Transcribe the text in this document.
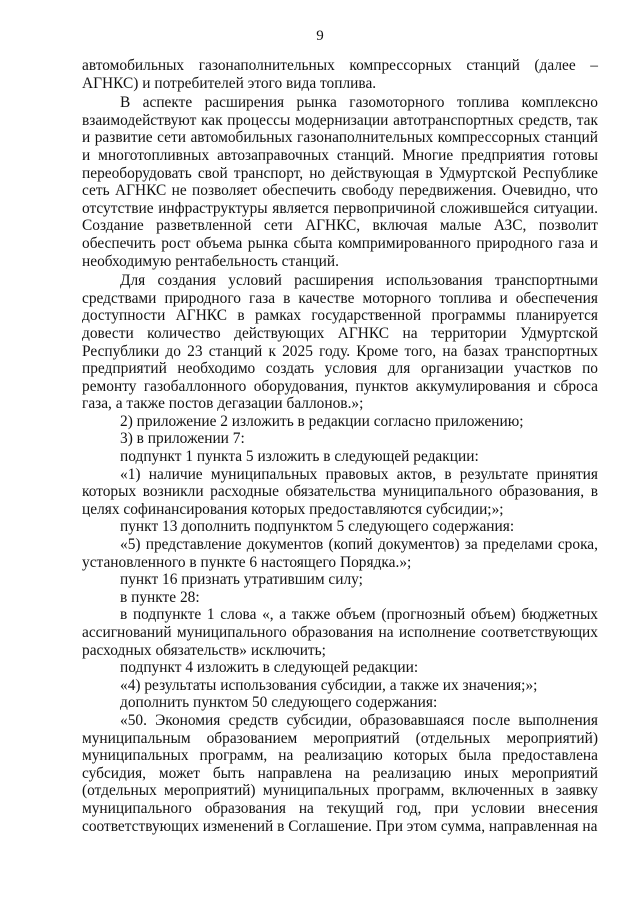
9

автомобильных газонаполнительных компрессорных станций (далее – АГНКС) и потребителей этого вида топлива.

В аспекте расширения рынка газомоторного топлива комплексно взаимодействуют как процессы модернизации автотранспортных средств, так и развитие сети автомобильных газонаполнительных компрессорных станций и многотопливных автозаправочных станций. Многие предприятия готовы переоборудовать свой транспорт, но действующая в Удмуртской Республике сеть АГНКС не позволяет обеспечить свободу передвижения. Очевидно, что отсутствие инфраструктуры является первопричиной сложившейся ситуации. Создание разветвленной сети АГНКС, включая малые АЗС, позволит обеспечить рост объема рынка сбыта компримированного природного газа и необходимую рентабельность станций.

Для создания условий расширения использования транспортными средствами природного газа в качестве моторного топлива и обеспечения доступности АГНКС в рамках государственной программы планируется довести количество действующих АГНКС на территории Удмуртской Республики до 23 станций к 2025 году. Кроме того, на базах транспортных предприятий необходимо создать условия для организации участков по ремонту газобаллонного оборудования, пунктов аккумулирования и сброса газа, а также постов дегазации баллонов.»;

2) приложение 2 изложить в редакции согласно приложению;

3) в приложении 7:

подпункт 1 пункта 5 изложить в следующей редакции:

«1) наличие муниципальных правовых актов, в результате принятия которых возникли расходные обязательства муниципального образования, в целях софинансирования которых предоставляются субсидии;»;

пункт 13 дополнить подпунктом 5 следующего содержания:

«5) представление документов (копий документов) за пределами срока, установленного в пункте 6 настоящего Порядка.»;

пункт 16 признать утратившим силу;

в пункте 28:

в подпункте 1 слова «, а также объем (прогнозный объем) бюджетных ассигнований муниципального образования на исполнение соответствующих расходных обязательств» исключить;

подпункт 4 изложить в следующей редакции:

«4) результаты использования субсидии, а также их значения;»;

дополнить пунктом 50 следующего содержания:

«50. Экономия средств субсидии, образовавшаяся после выполнения муниципальным образованием мероприятий (отдельных мероприятий) муниципальных программ, на реализацию которых была предоставлена субсидия, может быть направлена на реализацию иных мероприятий (отдельных мероприятий) муниципальных программ, включенных в заявку муниципального образования на текущий год, при условии внесения соответствующих изменений в Соглашение. При этом сумма, направленная на
